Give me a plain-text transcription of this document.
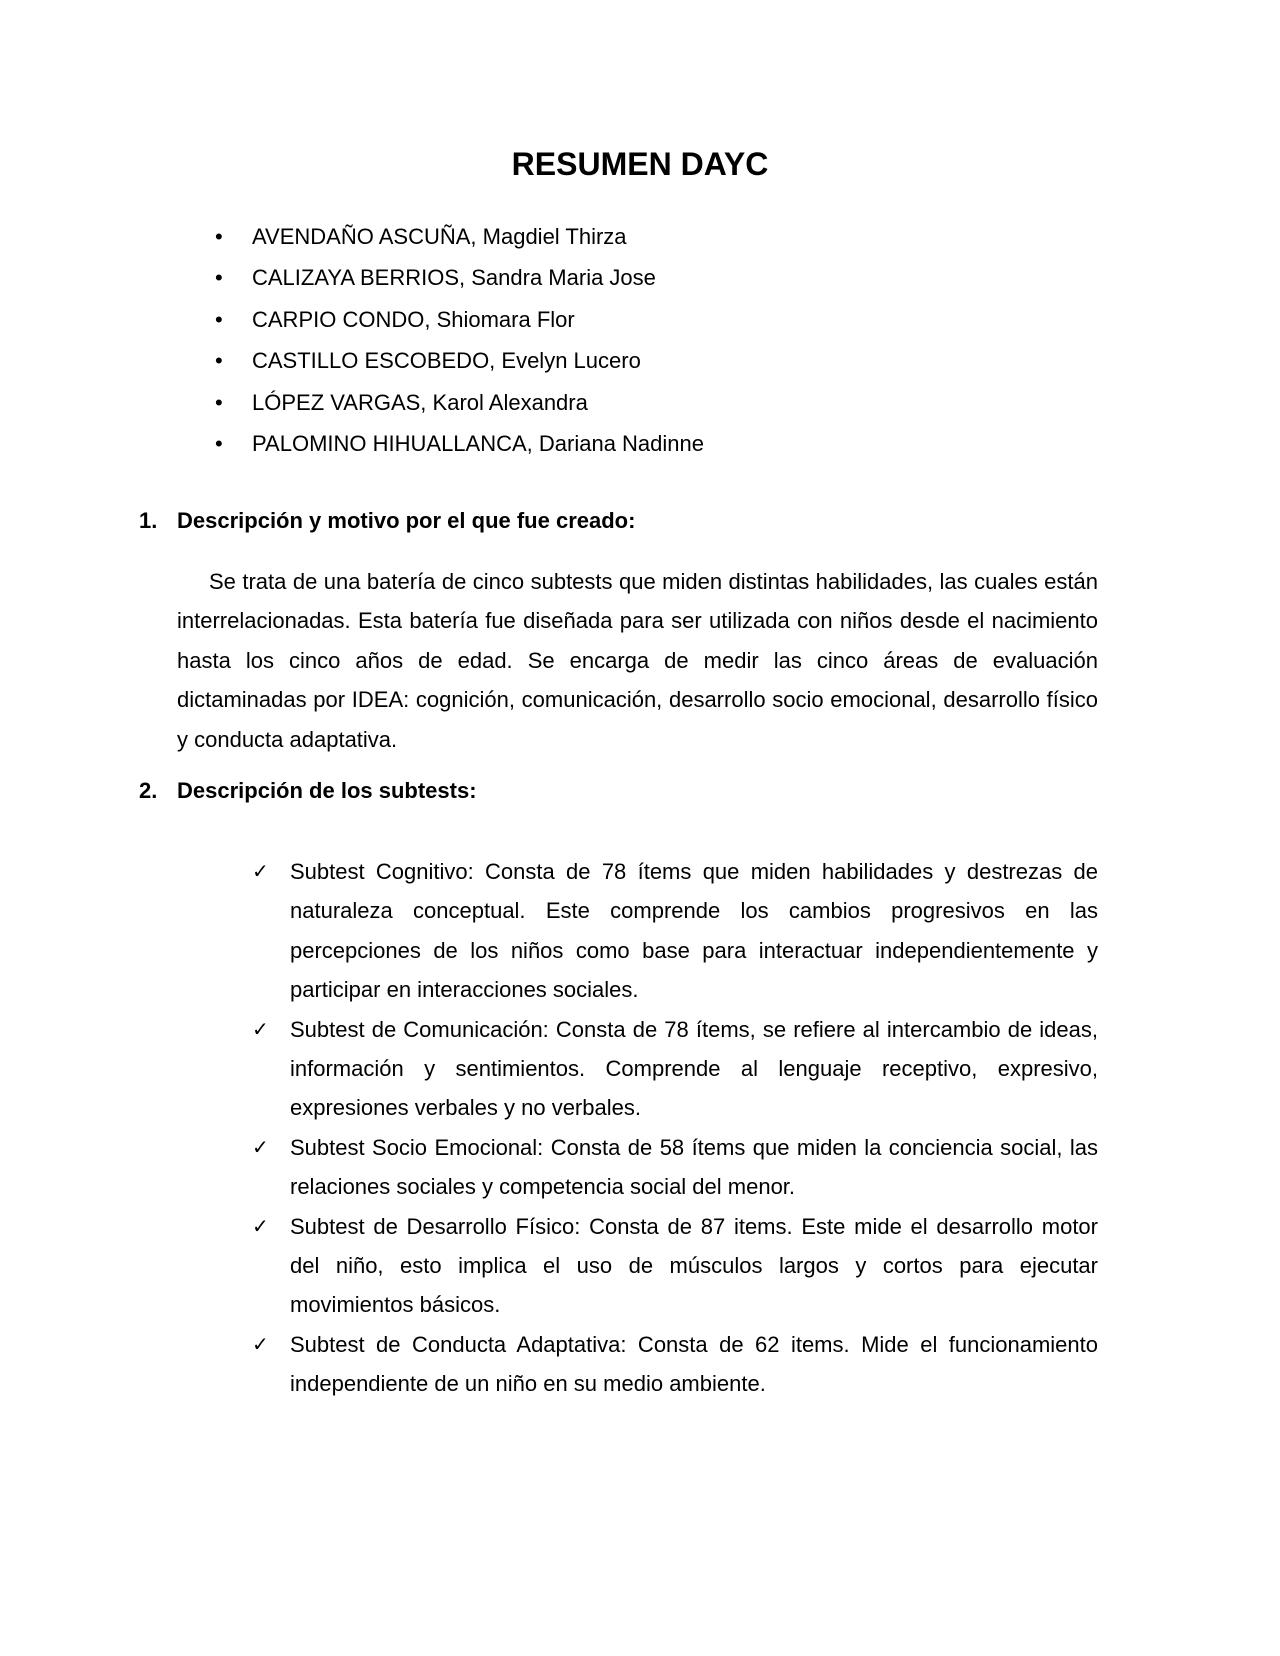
RESUMEN DAYC
•	AVENDAÑO ASCUÑA, Magdiel Thirza
•	CALIZAYA BERRIOS, Sandra Maria Jose
•	CARPIO CONDO, Shiomara Flor
•	CASTILLO ESCOBEDO, Evelyn Lucero
•	LÓPEZ VARGAS, Karol Alexandra
•	PALOMINO HIHUALLANCA, Dariana Nadinne
1. Descripción y motivo por el que fue creado:

Se trata de una batería de cinco subtests que miden distintas habilidades, las cuales están interrelacionadas. Esta batería fue diseñada para ser utilizada con niños desde el nacimiento hasta los cinco años de edad. Se encarga de medir las cinco áreas de evaluación dictaminadas por IDEA: cognición, comunicación, desarrollo socio emocional, desarrollo físico y conducta adaptativa.

2. Descripción de los subtests:
✓ Subtest Cognitivo: Consta de 78 ítems que miden habilidades y destrezas de naturaleza conceptual. Este comprende los cambios progresivos en las percepciones de los niños como base para interactuar independientemente y participar en interacciones sociales.
✓ Subtest de Comunicación: Consta de 78 ítems, se refiere al intercambio de ideas, información y sentimientos. Comprende al lenguaje receptivo, expresivo, expresiones verbales y no verbales.
✓ Subtest Socio Emocional: Consta de 58 ítems que miden la conciencia social, las relaciones sociales y competencia social del menor.
✓ Subtest de Desarrollo Físico: Consta de 87 items. Este mide el desarrollo motor del niño, esto implica el uso de músculos largos y cortos para ejecutar movimientos básicos.
✓ Subtest de Conducta Adaptativa: Consta de 62 items. Mide el funcionamiento independiente de un niño en su medio ambiente.
